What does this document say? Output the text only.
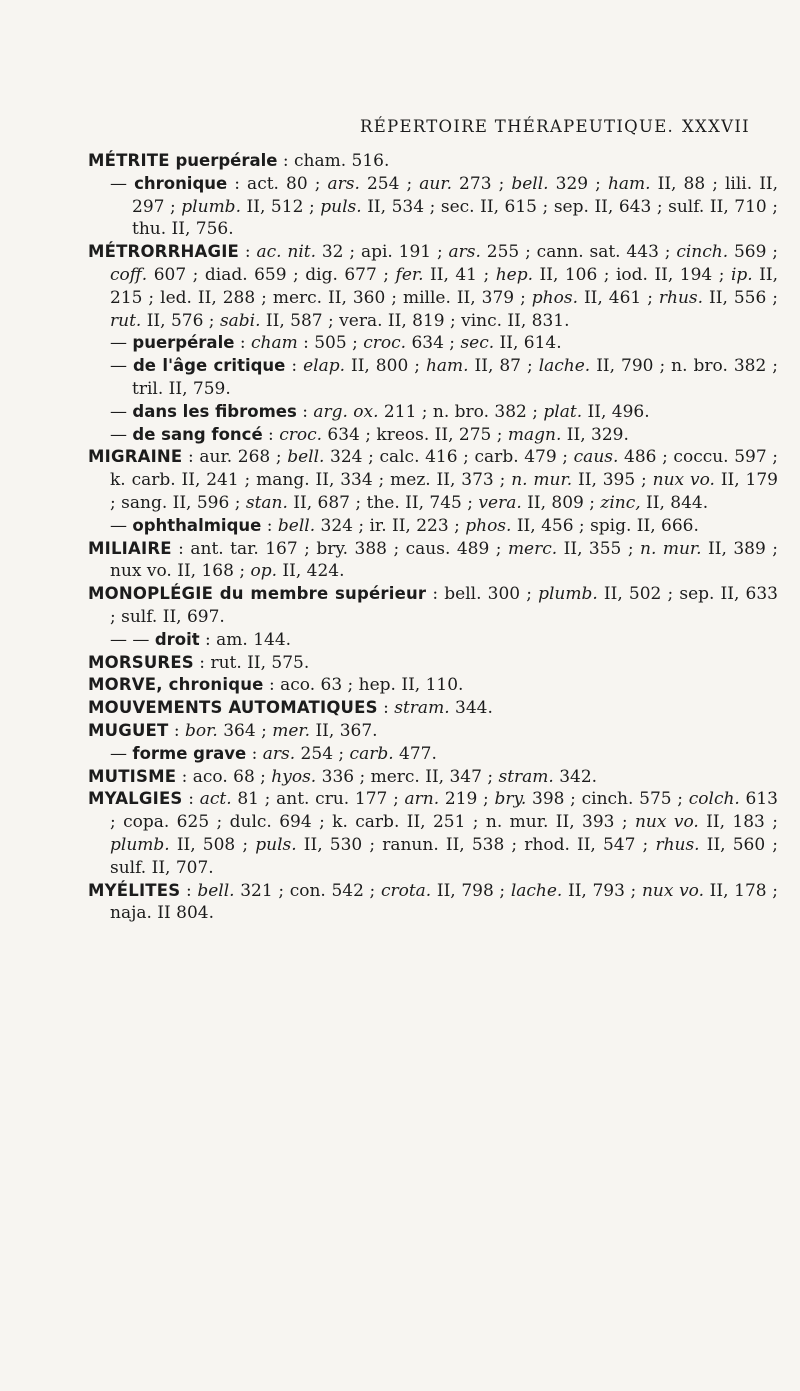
RÉPERTOIRE THÉRAPEUTIQUE. XXXVII

MÉTRITE puerpérale : cham. 516.

— chronique : act. 80 ; ars. 254 ; aur. 273 ; bell. 329 ; ham. II, 88 ; lili. II, 297 ; plumb. II, 512 ; puls. II, 534 ; sec. II, 615 ; sep. II, 643 ; sulf. II, 710 ; thu. II, 756.

MÉTRORRHAGIE : ac. nit. 32 ; api. 191 ; ars. 255 ; cann. sat. 443 ; cinch. 569 ; coff. 607 ; diad. 659 ; dig. 677 ; fer. II, 41 ; hep. II, 106 ; iod. II, 194 ; ip. II, 215 ; led. II, 288 ; merc. II, 360 ; mille. II, 379 ; phos. II, 461 ; rhus. II, 556 ; rut. II, 576 ; sabi. II, 587 ; vera. II, 819 ; vinc. II, 831.

— puerpérale : cham : 505 ; croc. 634 ; sec. II, 614.

— de l'âge critique : elap. II, 800 ; ham. II, 87 ; lache. II, 790 ; n. bro. 382 ; tril. II, 759.

— dans les fibromes : arg. ox. 211 ; n. bro. 382 ; plat. II, 496.

— de sang foncé : croc. 634 ; kreos. II, 275 ; magn. II, 329.

MIGRAINE : aur. 268 ; bell. 324 ; calc. 416 ; carb. 479 ; caus. 486 ; coccu. 597 ; k. carb. II, 241 ; mang. II, 334 ; mez. II, 373 ; n. mur. II, 395 ; nux vo. II, 179 ; sang. II, 596 ; stan. II, 687 ; the. II, 745 ; vera. II, 809 ; zinc, II, 844.

— ophthalmique : bell. 324 ; ir. II, 223 ; phos. II, 456 ; spig. II, 666.

MILIAIRE : ant. tar. 167 ; bry. 388 ; caus. 489 ; merc. II, 355 ; n. mur. II, 389 ; nux vo. II, 168 ; op. II, 424.

MONOPLÉGIE du membre supérieur : bell. 300 ; plumb. II, 502 ; sep. II, 633 ; sulf. II, 697.

— — droit : am. 144.

MORSURES : rut. II, 575.

MORVE, chronique : aco. 63 ; hep. II, 110.

MOUVEMENTS AUTOMATIQUES : stram. 344.

MUGUET : bor. 364 ; mer. II, 367.

— forme grave : ars. 254 ; carb. 477.

MUTISME : aco. 68 ; hyos. 336 ; merc. II, 347 ; stram. 342.

MYALGIES : act. 81 ; ant. cru. 177 ; arn. 219 ; bry. 398 ; cinch. 575 ; colch. 613 ; copa. 625 ; dulc. 694 ; k. carb. II, 251 ; n. mur. II, 393 ; nux vo. II, 183 ; plumb. II, 508 ; puls. II, 530 ; ranun. II, 538 ; rhod. II, 547 ; rhus. II, 560 ; sulf. II, 707.

MYÉLITES : bell. 321 ; con. 542 ; crota. II, 798 ; lache. II, 793 ; nux vo. II, 178 ; naja. II 804.
